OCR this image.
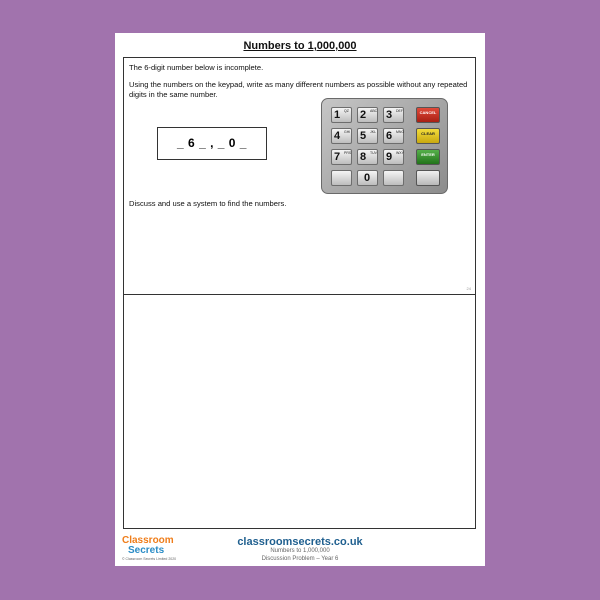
Numbers to 1,000,000
The 6-digit number below is incomplete.
Using the numbers on the keypad, write as many different numbers as possible without any repeated digits in the same number.
_ 6 _ , _ 0 _
1 QZ 2 ABC 3 DEF
4 GHI 5 JKL 6 MNO
7 PRS 8 TUV 9 WXY
0
CANCEL
CLEAR
ENTER
Discuss and use a system to find the numbers.
24
Classroom
Secrets
© Classroom Secrets Limited 2020
classroomsecrets.co.uk
Numbers to 1,000,000
Discussion Problem – Year 6
